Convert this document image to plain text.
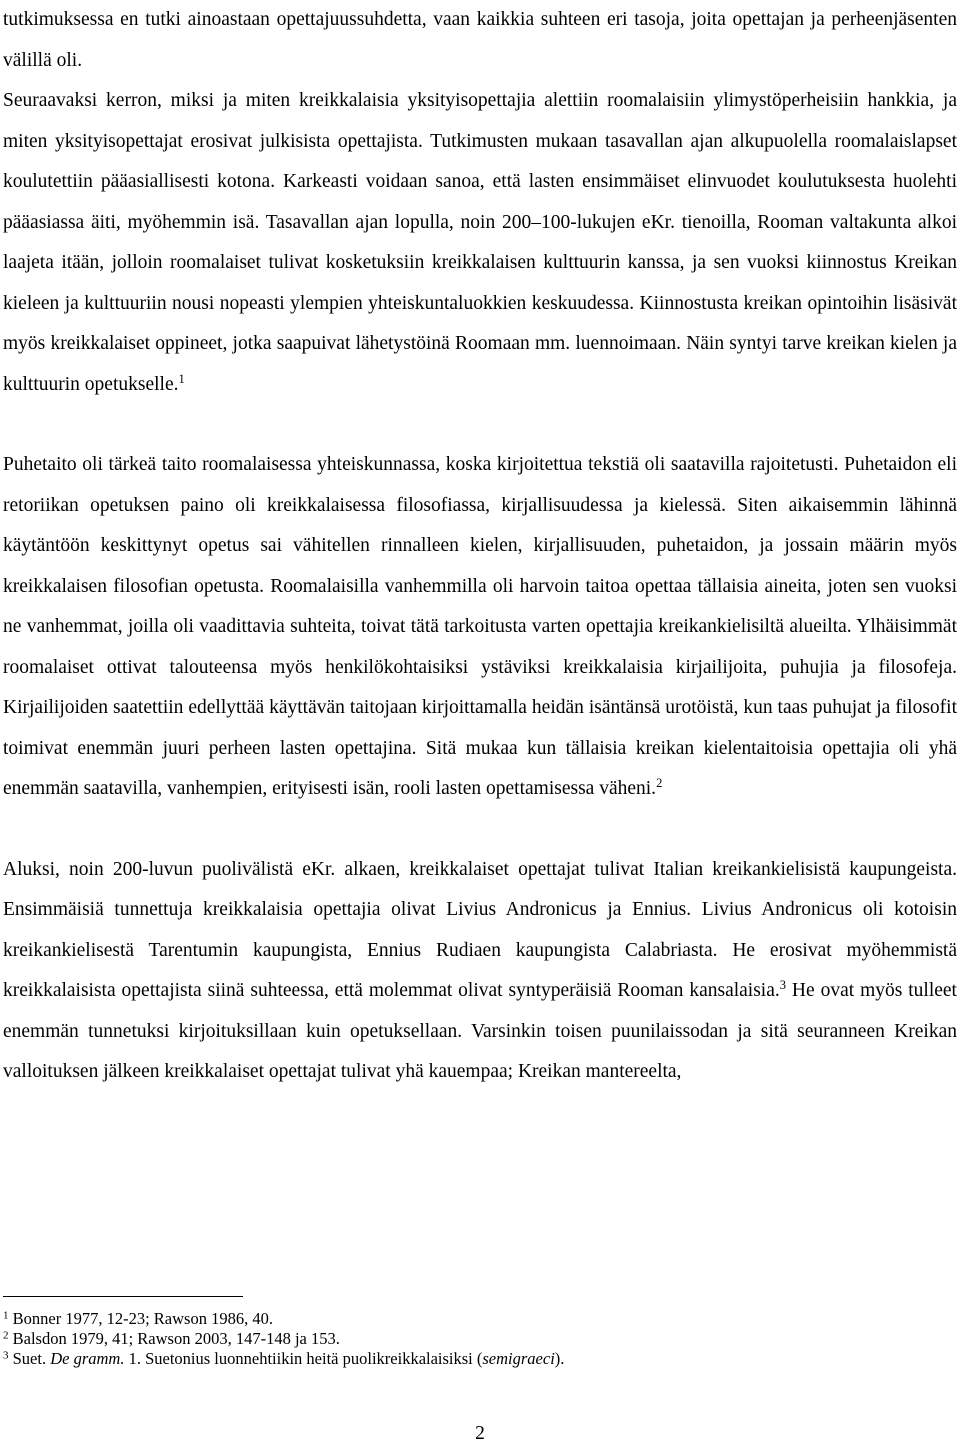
tutkimuksessa en tutki ainoastaan opettajuussuhdetta, vaan kaikkia suhteen eri tasoja, joita opettajan ja perheenjäsenten välillä oli.
Seuraavaksi kerron, miksi ja miten kreikkalaisia yksityisopettajia alettiin roomalaisiin ylimystöperheisiin hankkia, ja miten yksityisopettajat erosivat julkisista opettajista. Tutkimusten mukaan tasavallan ajan alkupuolella roomalaislapset koulutettiin pääasiallisesti kotona. Karkeasti voidaan sanoa, että lasten ensimmäiset elinvuodet koulutuksesta huolehti pääasiassa äiti, myöhemmin isä. Tasavallan ajan lopulla, noin 200–100-lukujen eKr. tienoilla, Rooman valtakunta alkoi laajeta itään, jolloin roomalaiset tulivat kosketuksiin kreikkalaisen kulttuurin kanssa, ja sen vuoksi kiinnostus Kreikan kieleen ja kulttuuriin nousi nopeasti ylempien yhteiskuntaluokkien keskuudessa. Kiinnostusta kreikan opintoihin lisäsivät myös kreikkalaiset oppineet, jotka saapuivat lähetystöinä Roomaan mm. luennoimaan. Näin syntyi tarve kreikan kielen ja kulttuurin opetukselle.$^1$

Puhetaito oli tärkeä taito roomalaisessa yhteiskunnassa, koska kirjoitettua tekstiä oli saatavilla rajoitetusti. Puhetaidon eli retoriikan opetuksen paino oli kreikkalaisessa filosofiassa, kirjallisuudessa ja kielessä. Siten aikaisemmin lähinnä käytäntöön keskittynyt opetus sai vähitellen rinnalleen kielen, kirjallisuuden, puhetaidon, ja jossain määrin myös kreikkalaisen filosofian opetusta. Roomalaisilla vanhemmilla oli harvoin taitoa opettaa tällaisia aineita, joten sen vuoksi ne vanhemmat, joilla oli vaadittavia suhteita, toivat tätä tarkoitusta varten opettajia kreikankielisiltä alueilta. Ylhäisimmät roomalaiset ottivat talouteensa myös henkilökohtaisiksi ystäviksi kreikkalaisia kirjailijoita, puhujia ja filosofeja. Kirjailijoiden saatettiin edellyttää käyttävän taitojaan kirjoittamalla heidän isäntänsä urotöistä, kun taas puhujat ja filosofit toimivat enemmän juuri perheen lasten opettajina. Sitä mukaa kun tällaisia kreikan kielentaitoisia opettajia oli yhä enemmän saatavilla, vanhempien, erityisesti isän, rooli lasten opettamisessa väheni.$^2$

Aluksi, noin 200-luvun puolivälistä eKr. alkaen, kreikkalaiset opettajat tulivat Italian kreikankielisistä kaupungeista. Ensimmäisiä tunnettuja kreikkalaisia opettajia olivat Livius Andronicus ja Ennius. Livius Andronicus oli kotoisin kreikankielisestä Tarentumin kaupungista, Ennius Rudiaen kaupungista Calabriasta. He erosivat myöhemmistä kreikkalaisista opettajista siinä suhteessa, että molemmat olivat syntyperäisiä Rooman kansalaisia.$^3$ He ovat myös tulleet enemmän tunnetuksi kirjoituksillaan kuin opetuksellaan. Varsinkin toisen puunilaissodan ja sitä seuranneen Kreikan valloituksen jälkeen kreikkalaiset opettajat tulivat yhä kauempaa; Kreikan mantereelta,

$^1$ Bonner 1977, 12-23; Rawson 1986, 40.

$^2$ Balsdon 1979, 41; Rawson 2003, 147-148 ja 153.

$^3$ Suet. De gramm. 1. Suetonius luonnehtiikin heitä puolikreikkalaisiksi (semigraeci).

2
